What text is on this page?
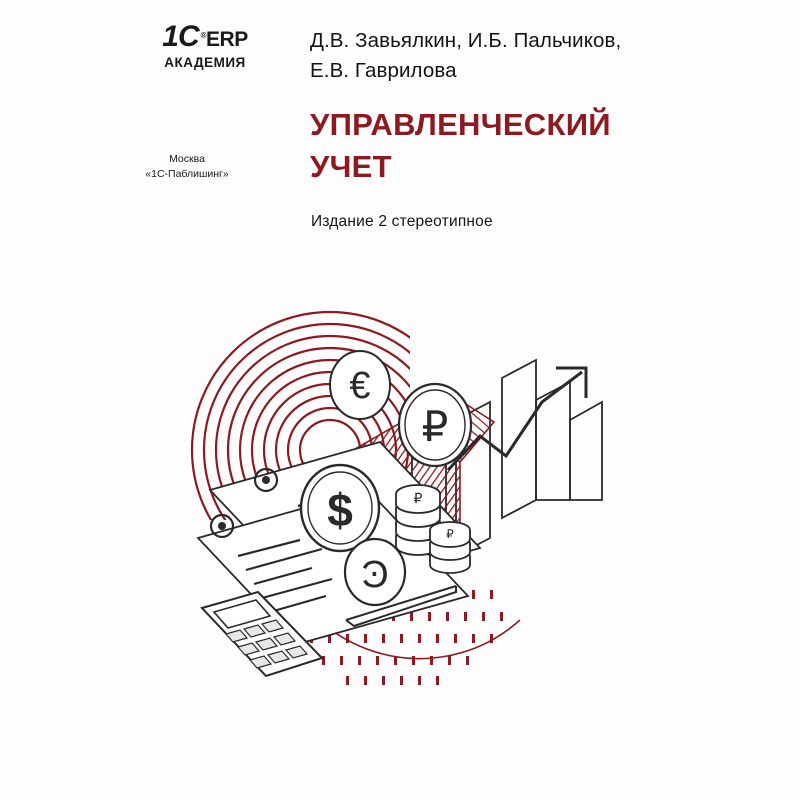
1C ®ERP
АКАДЕМИЯ
Москва
«1С-Паблишинг»
Д.В. Завьялкин, И.Б. Пальчиков,
Е.В. Гаврилова
УПРАВЛЕНЧЕСКИЙ
УЧЕТ
Издание 2 стереотипное
€
₽
$
Ͽ
₽
₽
